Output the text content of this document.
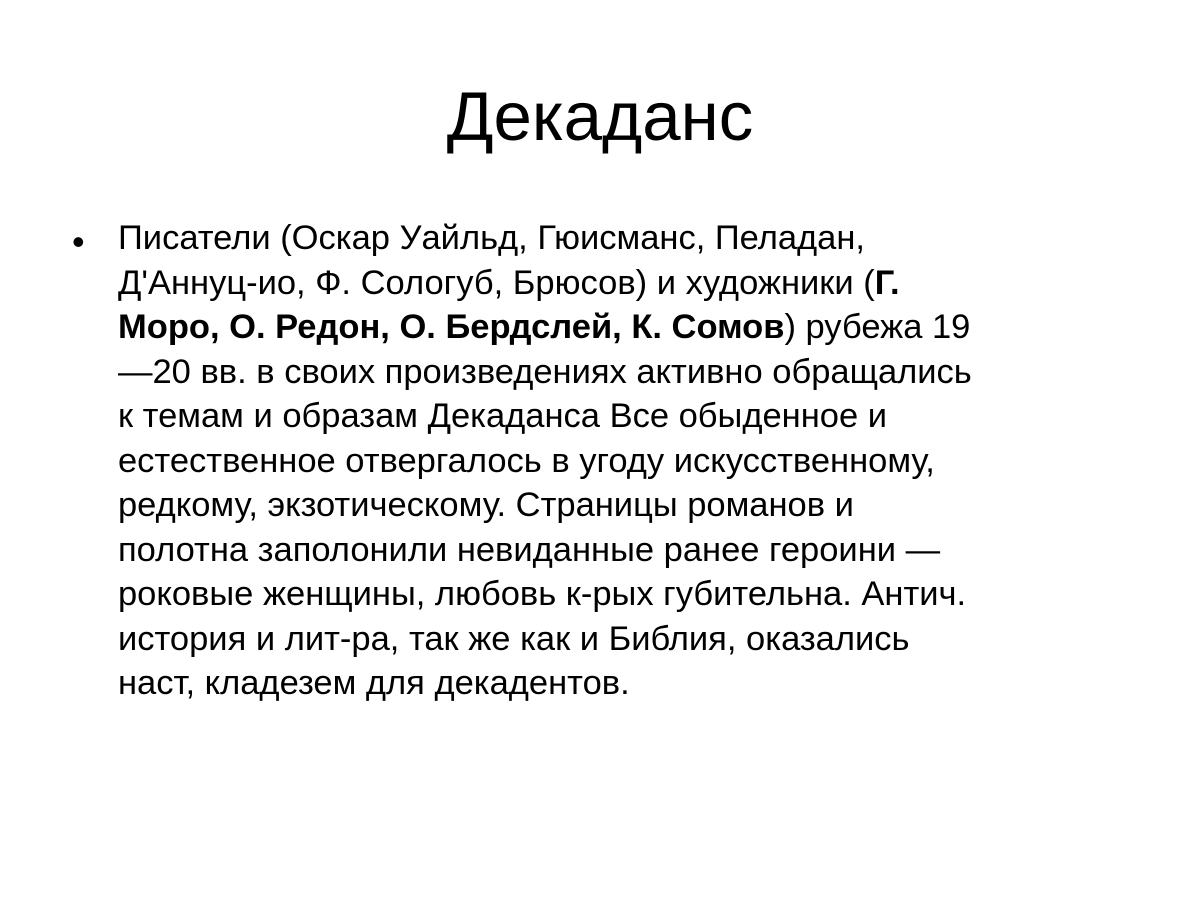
Декаданс
• Писатели (Оскар Уайльд, Гюисманс, Пеладан,
Д'Аннуц-ио, Ф. Сологуб, Брюсов) и художники (Г.
Моро, О. Редон, О. Бердслей, К. Сомов) рубежа 19
—20 вв. в своих произведениях активно обращались
к темам и образам Декаданса Все обыденное и
естественное отвергалось в угоду искусственному,
редкому, экзотическому. Страницы романов и
полотна заполонили невиданные ранее героини —
роковые женщины, любовь к-рых губительна. Антич.
история и лит-ра, так же как и Библия, оказались
наст, кладезем для декадентов.
